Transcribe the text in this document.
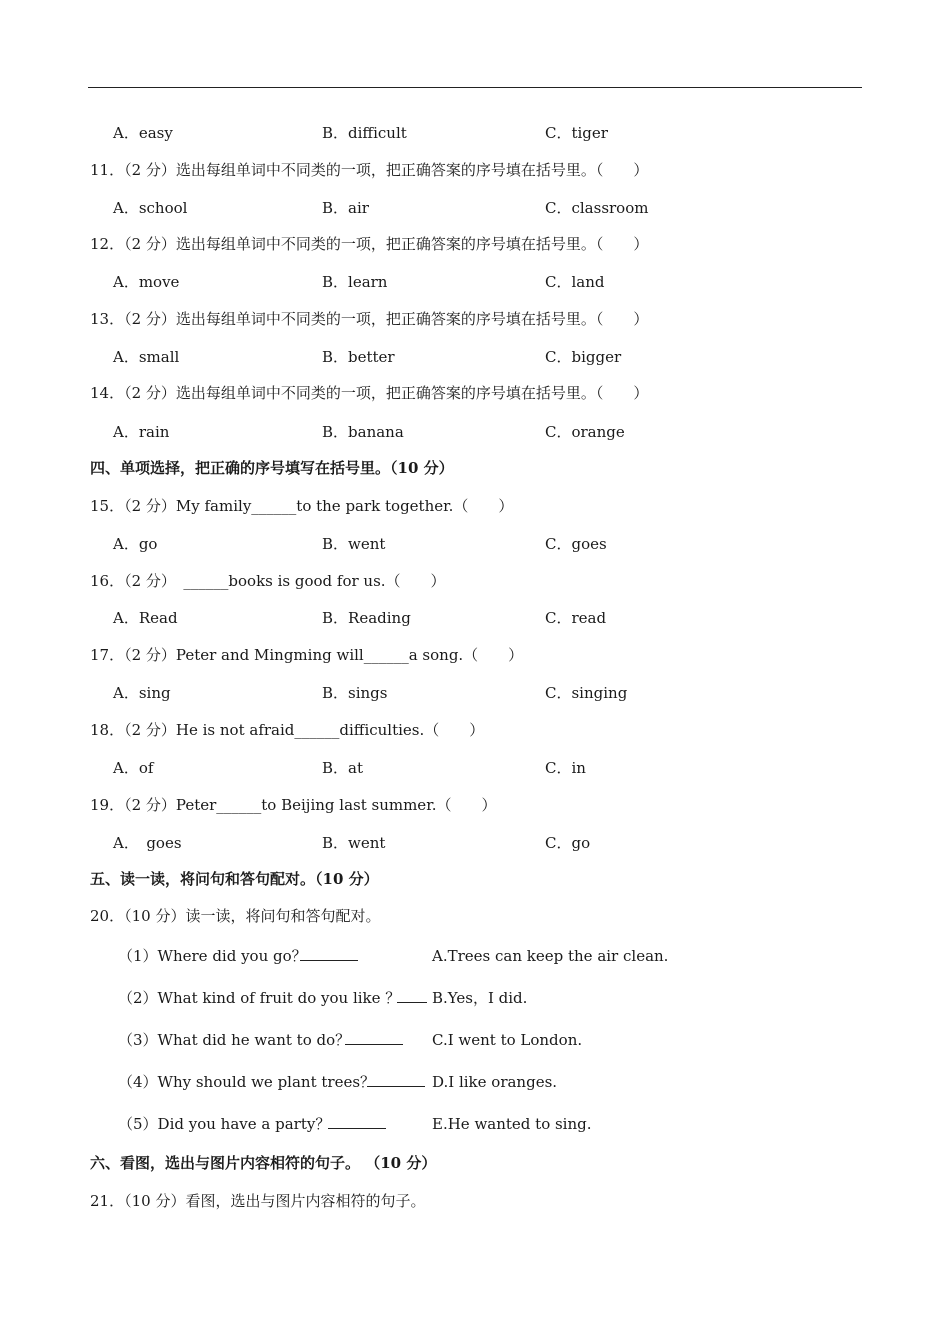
A．easy	B．difficult	C．tiger
11．（2 分）选出每组单词中不同类的一项，把正确答案的序号填在括号里。（　　）
A．school	B．air	C．classroom
12．（2 分）选出每组单词中不同类的一项，把正确答案的序号填在括号里。（　　）
A．move	B．learn	C．land
13．（2 分）选出每组单词中不同类的一项，把正确答案的序号填在括号里。（　　）
A．small	B．better	C．bigger
14．（2 分）选出每组单词中不同类的一项，把正确答案的序号填在括号里。（　　）
A．rain	B．banana	C．orange
四、单项选择，把正确的序号填写在括号里。（10 分）
15．（2 分）My family______to the park together.（　　）
A．go	B．went	C．goes
16．（2 分）　______books is good for us.（　　）
A．Read	B．Reading	C．read
17．（2 分）Peter and Mingming will______a song.（　　）
A．sing	B．sings	C．singing
18．（2 分）He is not afraid______difficulties.（　　）
A．of	B．at	C．in
19．（2 分）Peter______to Beijing last summer.（　　）
A．　goes	B．went	C．go
五、读一读，将问句和答句配对。（10 分）
20．（10 分）读一读，将问句和答句配对。
（1）Where did you go？	A.Trees can keep the air clean.
（2）What kind of fruit do you like ？ B.Yes，I did.
（3）What did he want to do？	C.I went to London.
（4）Why should we plant trees？	D.I like oranges.
（5）Did you have a party？	E.He wanted to sing.
六、看图，选出与图片内容相符的句子。 （10 分）
21．（10 分）看图，选出与图片内容相符的句子。
